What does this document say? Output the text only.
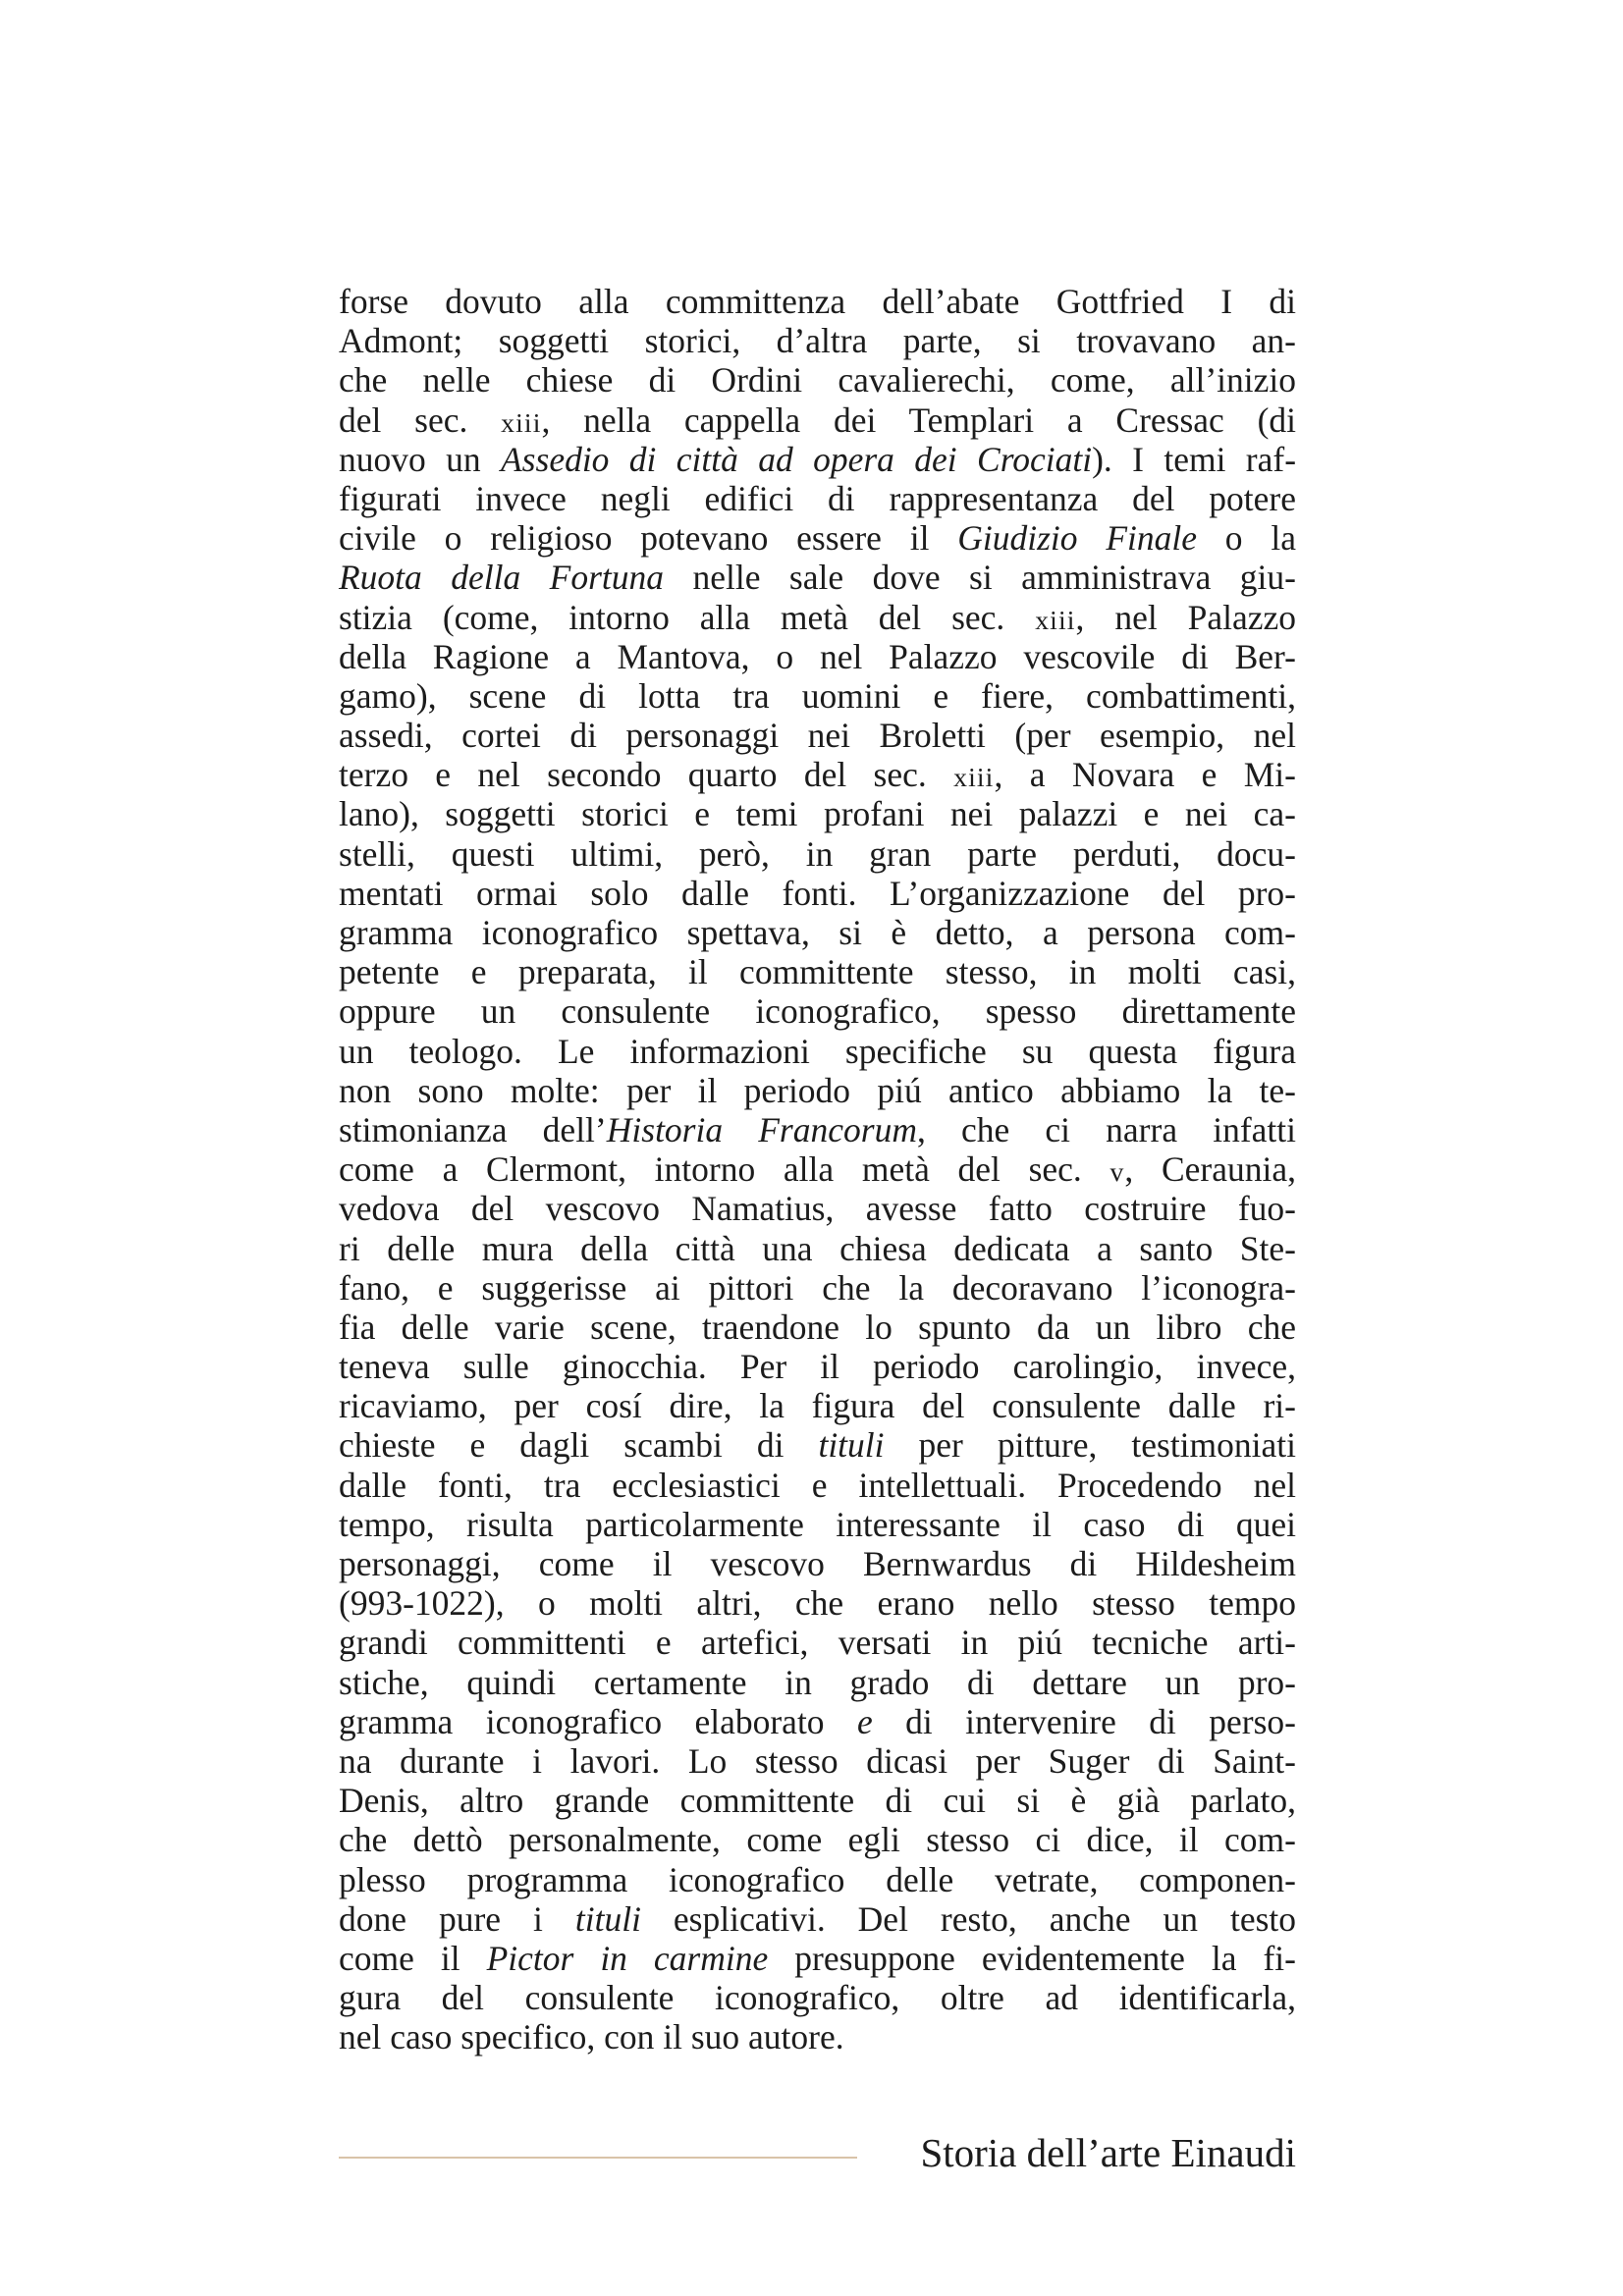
forse dovuto alla committenza dell’abate Gottfried I di
Admont; soggetti storici, d’altra parte, si trovavano an-
che nelle chiese di Ordini cavalierechi, come, all’inizio
del sec. xiii, nella cappella dei Templari a Cressac (di
nuovo un Assedio di città ad opera dei Crociati). I temi raf-
figurati invece negli edifici di rappresentanza del potere
civile o religioso potevano essere il Giudizio Finale o la
Ruota della Fortuna nelle sale dove si amministrava giu-
stizia (come, intorno alla metà del sec. xiii, nel Palazzo
della Ragione a Mantova, o nel Palazzo vescovile di Ber-
gamo), scene di lotta tra uomini e fiere, combattimenti,
assedi, cortei di personaggi nei Broletti (per esempio, nel
terzo e nel secondo quarto del sec. xiii, a Novara e Mi-
lano), soggetti storici e temi profani nei palazzi e nei ca-
stelli, questi ultimi, però, in gran parte perduti, docu-
mentati ormai solo dalle fonti. L’organizzazione del pro-
gramma iconografico spettava, si è detto, a persona com-
petente e preparata, il committente stesso, in molti casi,
oppure un consulente iconografico, spesso direttamente
un teologo. Le informazioni specifiche su questa figura
non sono molte: per il periodo piú antico abbiamo la te-
stimonianza dell’Historia Francorum, che ci narra infatti
come a Clermont, intorno alla metà del sec. v, Ceraunia,
vedova del vescovo Namatius, avesse fatto costruire fuo-
ri delle mura della città una chiesa dedicata a santo Ste-
fano, e suggerisse ai pittori che la decoravano l’iconogra-
fia delle varie scene, traendone lo spunto da un libro che
teneva sulle ginocchia. Per il periodo carolingio, invece,
ricaviamo, per cosí dire, la figura del consulente dalle ri-
chieste e dagli scambi di tituli per pitture, testimoniati
dalle fonti, tra ecclesiastici e intellettuali. Procedendo nel
tempo, risulta particolarmente interessante il caso di quei
personaggi, come il vescovo Bernwardus di Hildesheim
(993-1022), o molti altri, che erano nello stesso tempo
grandi committenti e artefici, versati in piú tecniche arti-
stiche, quindi certamente in grado di dettare un pro-
gramma iconografico elaborato e di intervenire di perso-
na durante i lavori. Lo stesso dicasi per Suger di Saint-
Denis, altro grande committente di cui si è già parlato,
che dettò personalmente, come egli stesso ci dice, il com-
plesso programma iconografico delle vetrate, componen-
done pure i tituli esplicativi. Del resto, anche un testo
come il Pictor in carmine presuppone evidentemente la fi-
gura del consulente iconografico, oltre ad identificarla,
nel caso specifico, con il suo autore.
Storia dell’arte Einaudi
